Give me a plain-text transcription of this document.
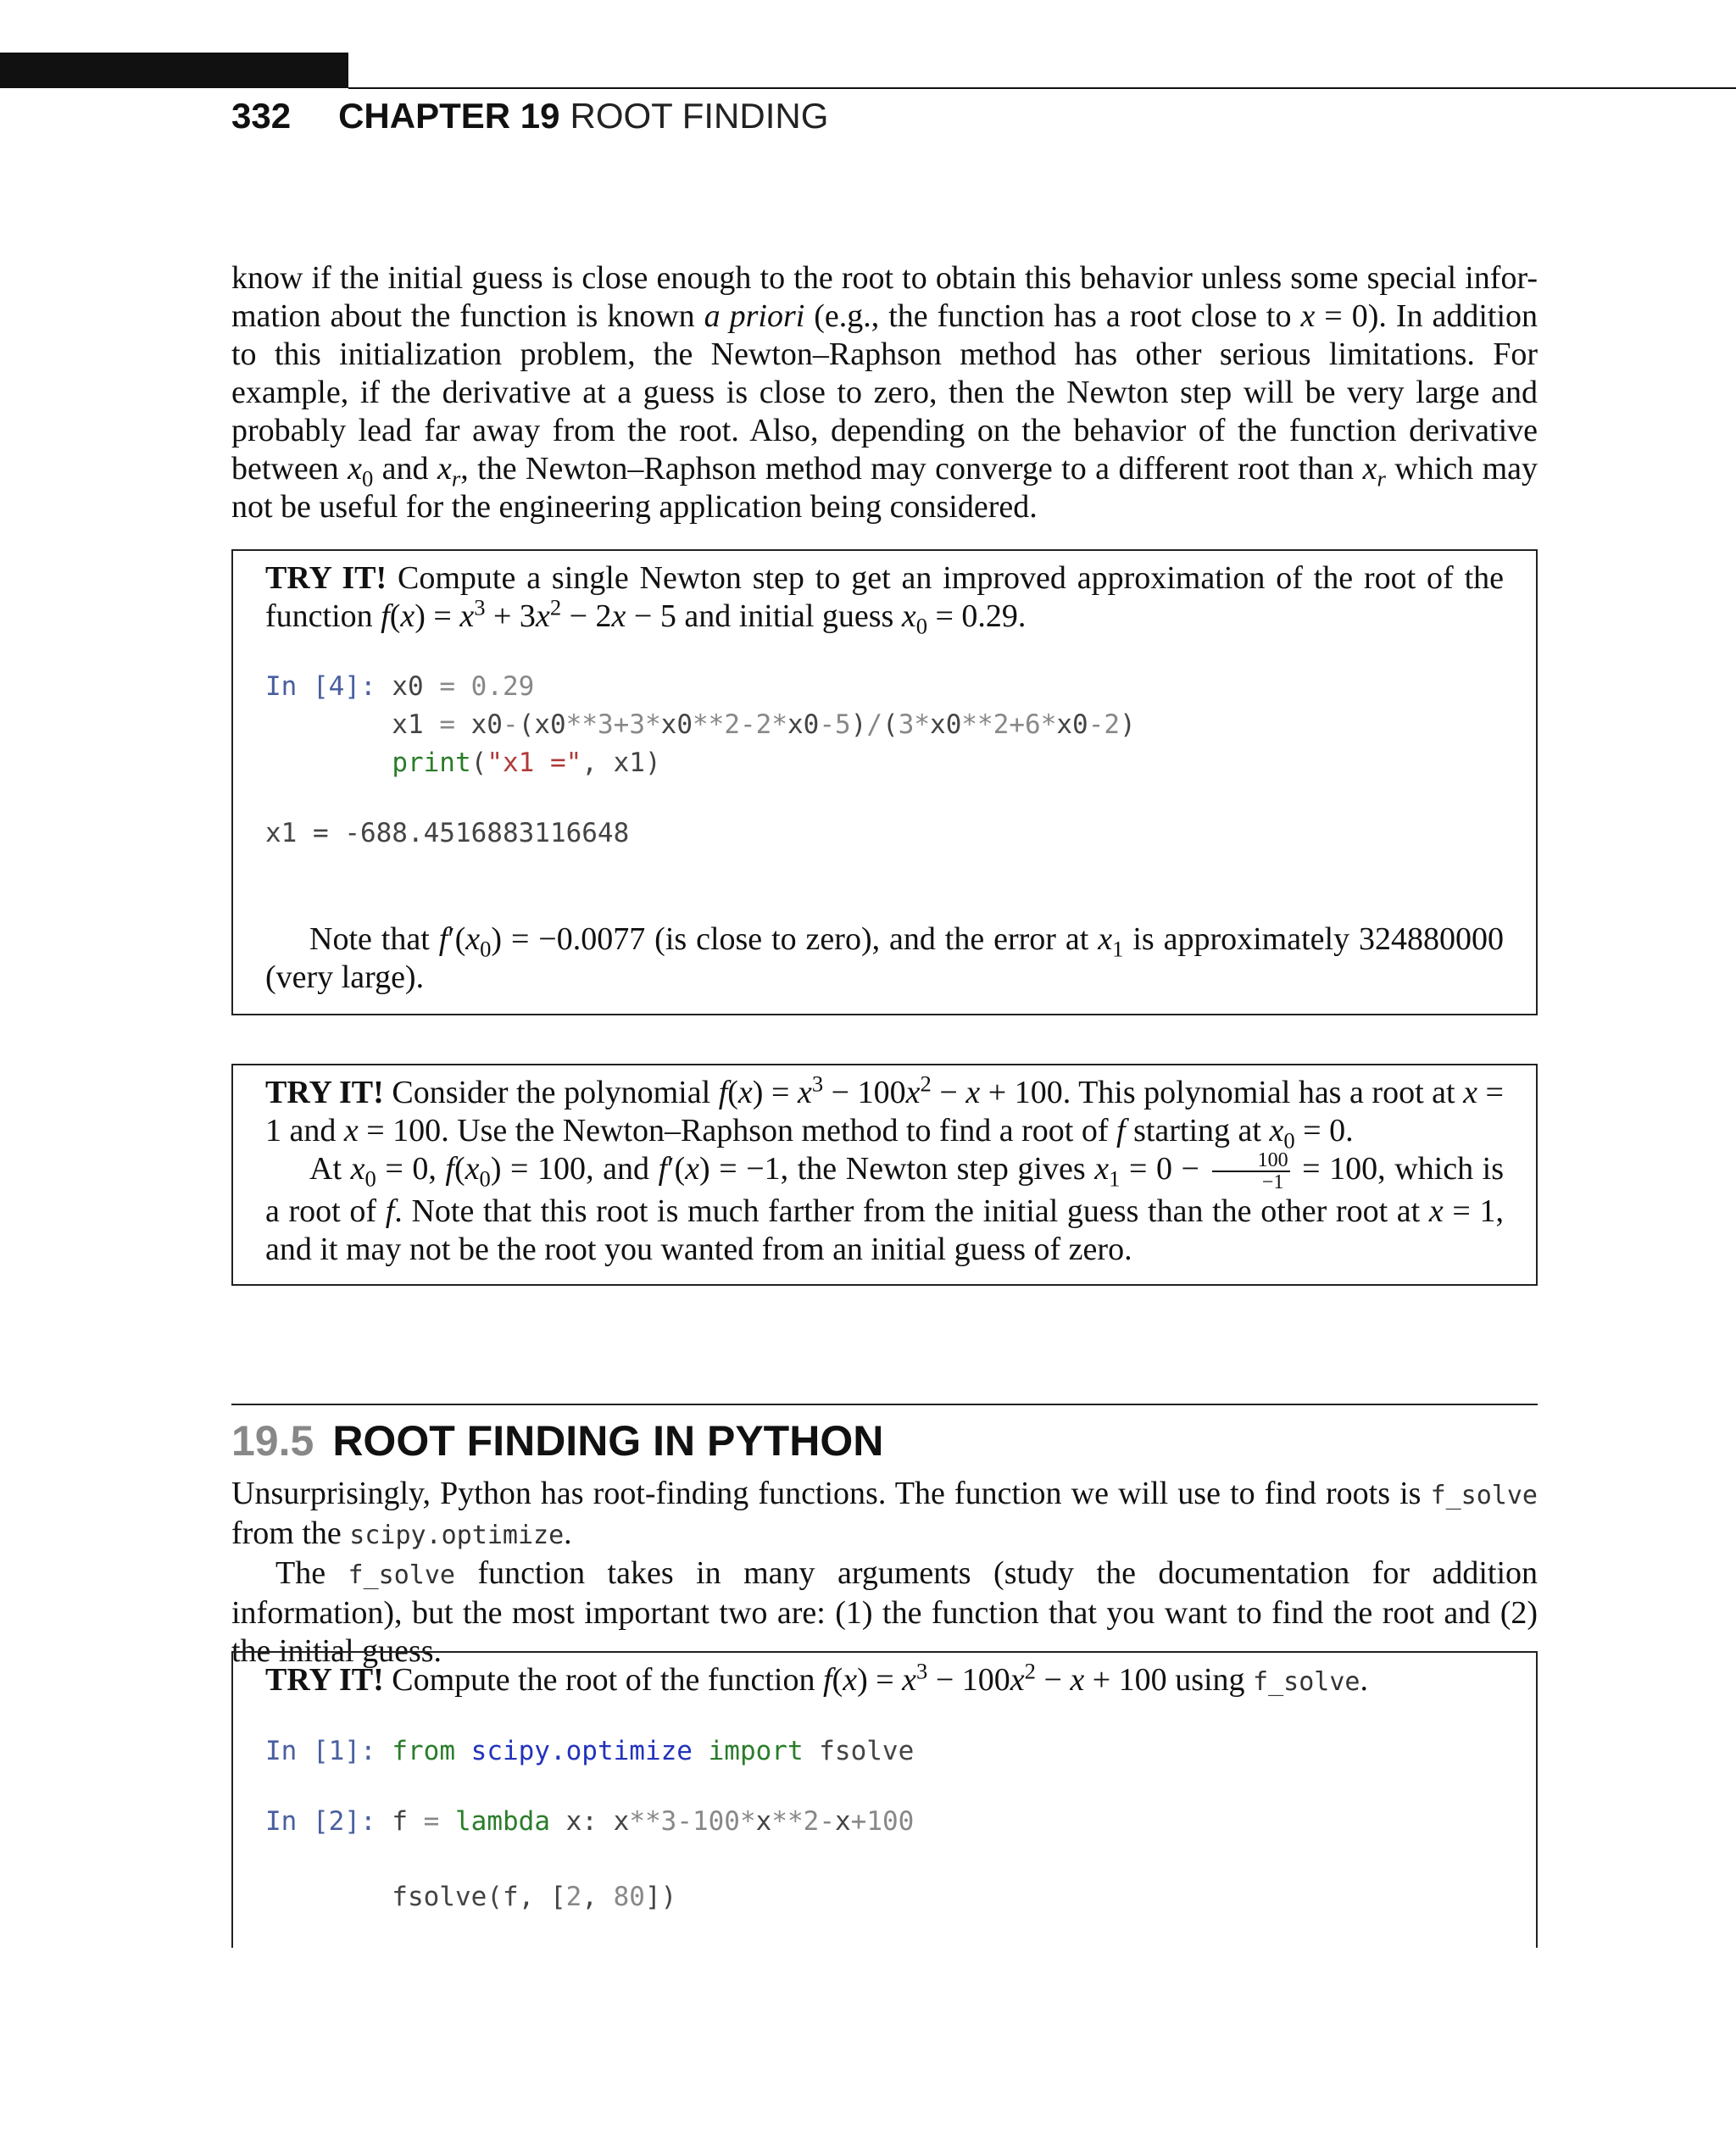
332 CHAPTER 19 ROOT FINDING

know if the initial guess is close enough to the root to obtain this behavior unless some special infor-mation about the function is known a priori (e.g., the function has a root close to x = 0). In addition to this initialization problem, the Newton–Raphson method has other serious limitations. For example, if the derivative at a guess is close to zero, then the Newton step will be very large and probably lead far away from the root. Also, depending on the behavior of the function derivative between $x_0$ and $x_r$, the Newton–Raphson method may converge to a different root than $x_r$ which may not be useful for the engineering application being considered.

TRY IT! Compute a single Newton step to get an improved approximation of the root of the function $f(x) = x^3 + 3x^2 - 2x - 5$ and initial guess $x_0 = 0.29$.

In [4]: x0 = 0.29
x1 = x0-(x0**3+3*x0**2-2*x0-5)/(3*x0**2+6*x0-2)
print("x1 =", x1)
x1 = -688.4516883116648

Note that $f'(x_0) = -0.0077$ (is close to zero), and the error at $x_1$ is approximately 324880000 (very large).

TRY IT! Consider the polynomial $f(x) = x^3 - 100x^2 - x + 100$. This polynomial has a root at x = 1 and x = 100. Use the Newton–Raphson method to find a root of f starting at $x_0 = 0$.

At $x_0 = 0$, $f(x_0) = 100$, and f′(x) = −1, the Newton step gives $x_1 = 0 - \frac{100}{-1} = 100$, which is a root of f. Note that this root is much farther from the initial guess than the other root at x = 1, and it may not be the root you wanted from an initial guess of zero.

19.5 ROOT FINDING IN PYTHON

Unsurprisingly, Python has root-finding functions. The function we will use to find roots is f_solve from the scipy.optimize.

The f_solve function takes in many arguments (study the documentation for addition information), but the most important two are: (1) the function that you want to find the root and (2) the initial guess.

TRY IT! Compute the root of the function $f(x) = x^3 - 100x^2 - x + 100$ using f_solve.

In [1]: from scipy.optimize import fsolve
In [2]: f = lambda x: x**3-100*x**2-x+100
fsolve(f, [2, 80])
